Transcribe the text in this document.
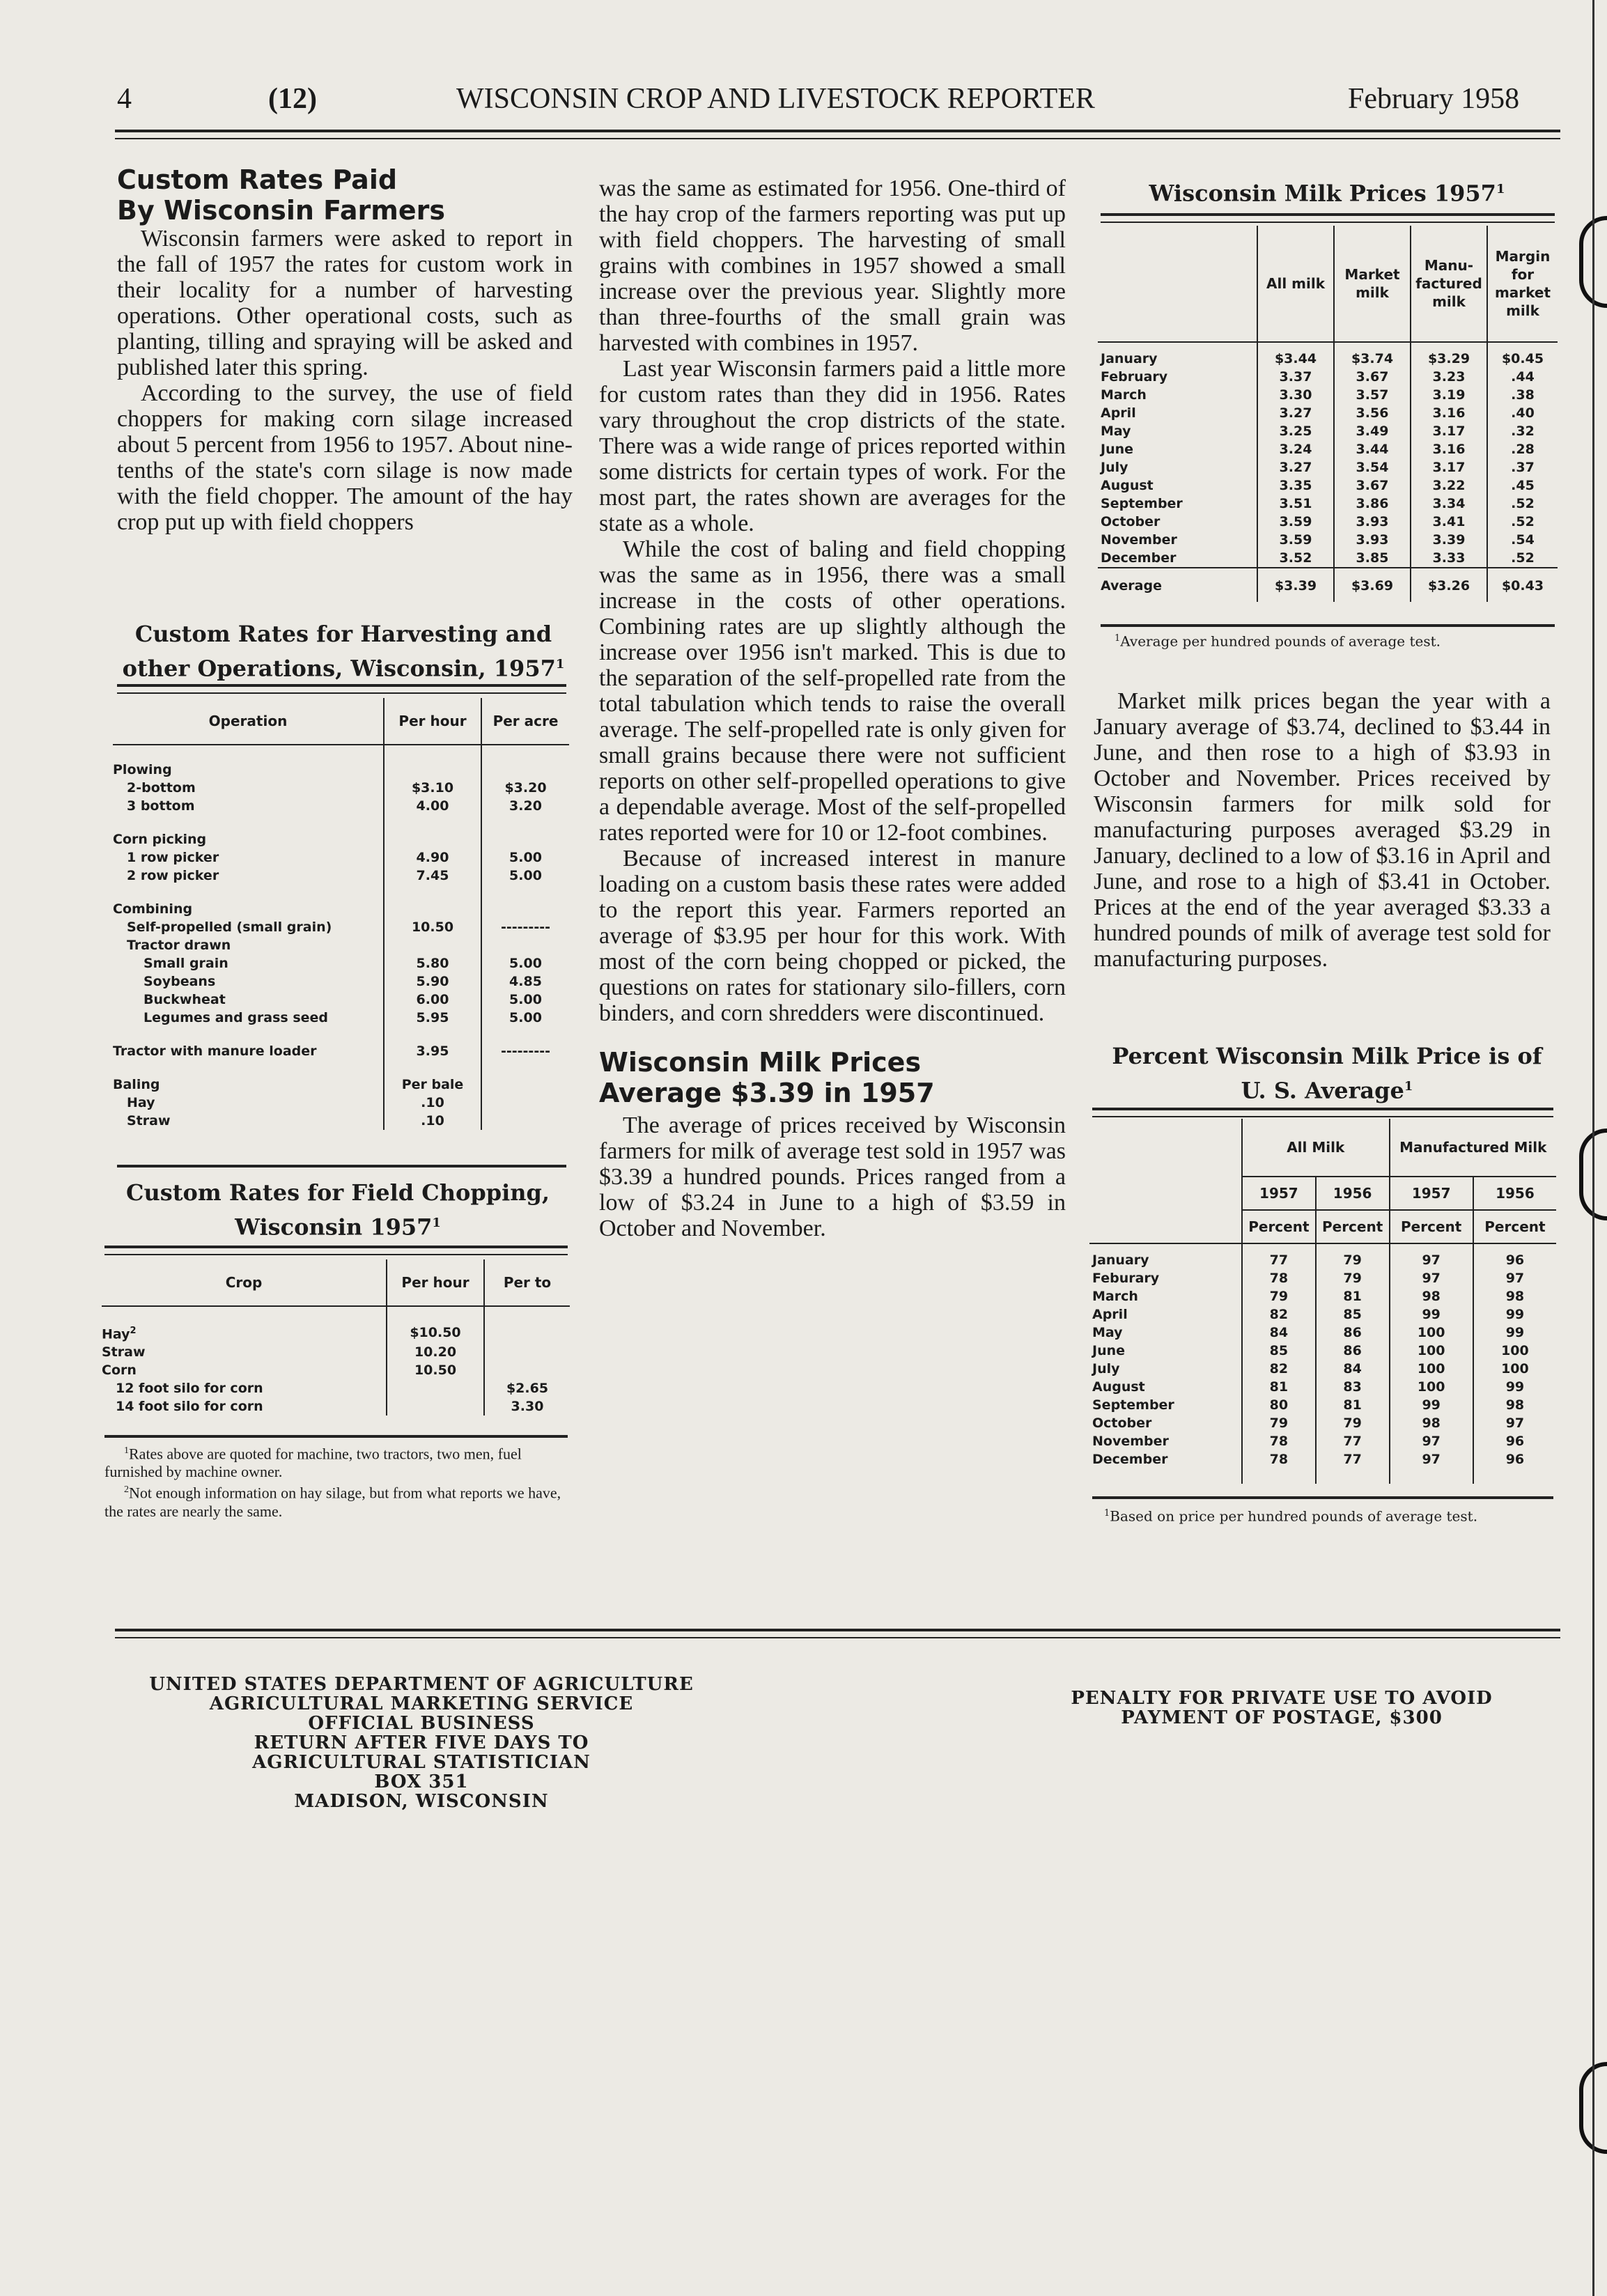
4	(12)	WISCONSIN CROP AND LIVESTOCK REPORTER	February 1958
Custom Rates Paid
By Wisconsin Farmers

Wisconsin farmers were asked to report in the fall of 1957 the rates for custom work in their locality for a number of harvesting operations. Other operational costs, such as planting, tilling and spraying will be asked and published later this spring.

According to the survey, the use of field choppers for making corn silage increased about 5 percent from 1956 to 1957. About nine-tenths of the state's corn silage is now made with the field chopper. The amount of the hay crop put up with field choppers

Custom Rates for Harvesting and
other Operations, Wisconsin, 1957$^1$
Operation	Per hour	Per acre
Plowing		
2-bottom	$3.10	$3.20
3 bottom	4.00	3.20
Corn picking		
1 row picker	4.90	5.00
2 row picker	7.45	5.00
Combining		
Self-propelled (small grain)	10.50	---------
Tractor drawn		
Small grain	5.80	5.00
Soybeans	5.90	4.85
Buckwheat	6.00	5.00
Legumes and grass seed	5.95	5.00
Tractor with manure loader	3.95	---------
Baling	Per bale	
Hay	.10	
Straw	.10	
Custom Rates for Field Chopping,
Wisconsin 1957$^1$
Crop	Per hour	Per to
Hay$^2$	$10.50	
Straw	10.20	
Corn	10.50	
12 foot silo for corn		$2.65
14 foot silo for corn		3.30
$^1$Rates above are quoted for machine, two tractors, two men, fuel furnished by machine owner.
$^2$Not enough information on hay silage, but from what reports we have, the rates are nearly the same.

was the same as estimated for 1956. One-third of the hay crop of the farmers reporting was put up with field choppers. The harvesting of small grains with combines in 1957 showed a small increase over the previous year. Slightly more than three-fourths of the small grain was harvested with combines in 1957.

Last year Wisconsin farmers paid a little more for custom rates than they did in 1956. Rates vary throughout the crop districts of the state. There was a wide range of prices reported within some districts for certain types of work. For the most part, the rates shown are averages for the state as a whole.

While the cost of baling and field chopping was the same as in 1956, there was a small increase in the costs of other operations. Combining rates are up slightly although the increase over 1956 isn't marked. This is due to the separation of the self-propelled rate from the total tabulation which tends to raise the overall average. The self-propelled rate is only given for small grains because there were not sufficient reports on other self-propelled operations to give a dependable average. Most of the self-propelled rates reported were for 10 or 12-foot combines.

Because of increased interest in manure loading on a custom basis these rates were added to the report this year. Farmers reported an average of $3.95 per hour for this work. With most of the corn being chopped or picked, the questions on rates for stationary silo-fillers, corn binders, and corn shredders were discontinued.

Wisconsin Milk Prices
Average $3.39 in 1957

The average of prices received by Wisconsin farmers for milk of average test sold in 1957 was $3.39 a hundred pounds. Prices ranged from a low of $3.24 in June to a high of $3.59 in October and November.

Wisconsin Milk Prices 1957$^1$
	All milk	Market milk	Manu- factured milk	Margin for market milk
January	$3.44	$3.74	$3.29	$0.45
February	3.37	3.67	3.23	.44
March	3.30	3.57	3.19	.38
April	3.27	3.56	3.16	.40
May	3.25	3.49	3.17	.32
June	3.24	3.44	3.16	.28
July	3.27	3.54	3.17	.37
August	3.35	3.67	3.22	.45
September	3.51	3.86	3.34	.52
October	3.59	3.93	3.41	.52
November	3.59	3.93	3.39	.54
December	3.52	3.85	3.33	.52
Average	$3.39	$3.69	$3.26	$0.43
$^1$Average per hundred pounds of average test.

Market milk prices began the year with a January average of $3.74, declined to $3.44 in June, and then rose to a high of $3.93 in October and November. Prices received by Wisconsin farmers for milk sold for manufacturing purposes averaged $3.29 in January, declined to a low of $3.16 in April and June, and rose to a high of $3.41 in October. Prices at the end of the year averaged $3.33 a hundred pounds of milk of average test sold for manufacturing purposes.

Percent Wisconsin Milk Price is of
U. S. Average$^1$
	All Milk		Manufactured Milk	
	1957	1956	1957	1956
	Percent	Percent	Percent	Percent
January	77	79	97	96
Feburary	78	79	97	97
March	79	81	98	98
April	82	85	99	99
May	84	86	100	99
June	85	86	100	100
July	82	84	100	100
August	81	83	100	99
September	80	81	99	98
October	79	79	98	97
November	78	77	97	96
December	78	77	97	96

$^1$Based on price per hundred pounds of average test.
UNITED STATES DEPARTMENT OF AGRICULTURE
AGRICULTURAL MARKETING SERVICE
OFFICIAL BUSINESS
RETURN AFTER FIVE DAYS TO
AGRICULTURAL STATISTICIAN
BOX 351
MADISON, WISCONSIN
PENALTY FOR PRIVATE USE TO AVOID
PAYMENT OF POSTAGE, $300
